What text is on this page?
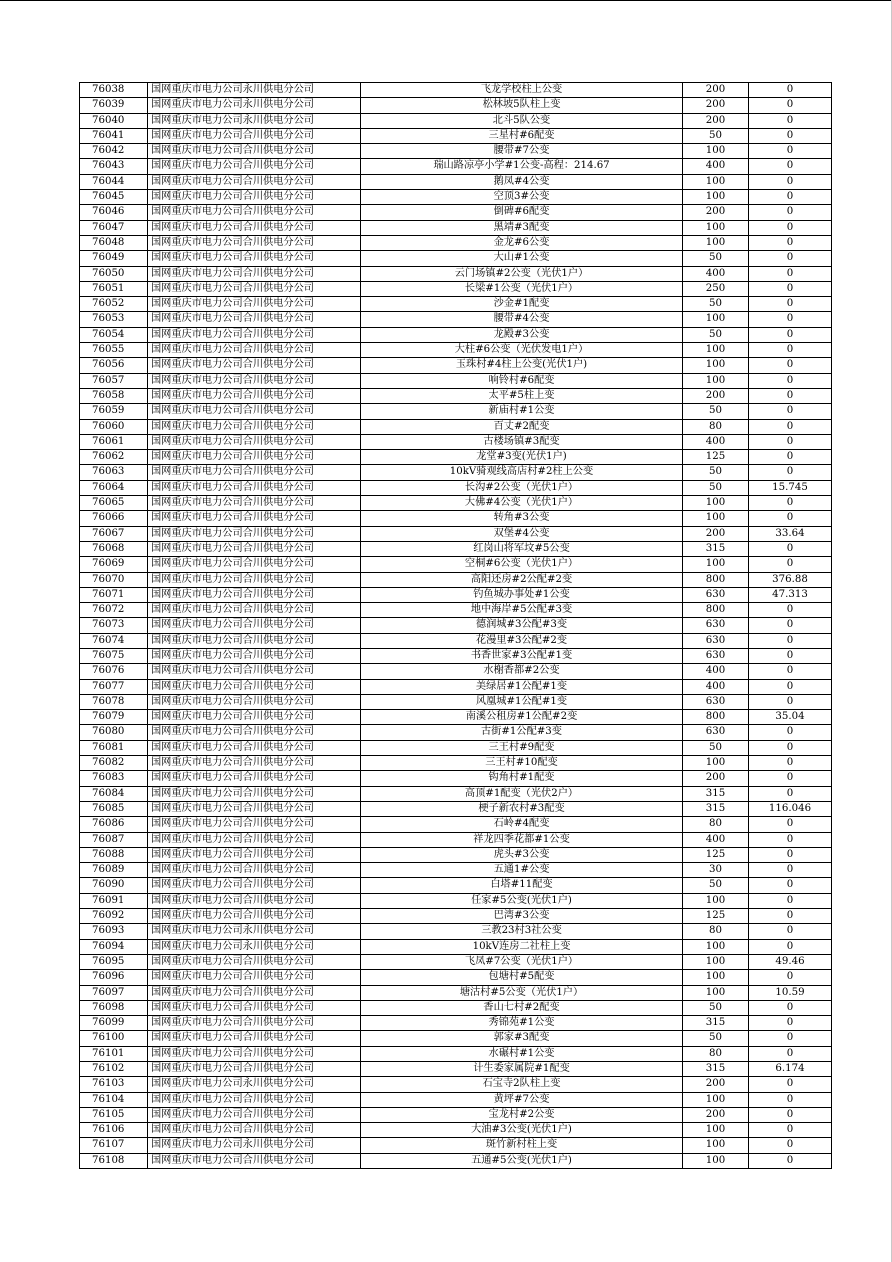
76038	国网重庆市电力公司永川供电分公司	飞龙学校柱上公变	200	0
76039	国网重庆市电力公司永川供电分公司	松林坡5队柱上变	200	0
76040	国网重庆市电力公司永川供电分公司	北斗5队公变	200	0
76041	国网重庆市电力公司合川供电分公司	三星村#6配变	50	0
76042	国网重庆市电力公司合川供电分公司	腰带#7公变	100	0
76043	国网重庆市电力公司合川供电分公司	瑞山路凉亭小学#1公变-高程：214.67	400	0
76044	国网重庆市电力公司合川供电分公司	鹅凤#4公变	100	0
76045	国网重庆市电力公司合川供电分公司	空顶3#公变	100	0
76046	国网重庆市电力公司合川供电分公司	倒碑#6配变	200	0
76047	国网重庆市电力公司合川供电分公司	黑靖#3配变	100	0
76048	国网重庆市电力公司合川供电分公司	金龙#6公变	100	0
76049	国网重庆市电力公司合川供电分公司	大山#1公变	50	0
76050	国网重庆市电力公司合川供电分公司	云门场镇#2公变（光伏1户）	400	0
76051	国网重庆市电力公司合川供电分公司	长梁#1公变（光伏1户）	250	0
76052	国网重庆市电力公司合川供电分公司	沙金#1配变	50	0
76053	国网重庆市电力公司合川供电分公司	腰带#4公变	100	0
76054	国网重庆市电力公司合川供电分公司	龙殿#3公变	50	0
76055	国网重庆市电力公司合川供电分公司	大柱#6公变（光伏发电1户）	100	0
76056	国网重庆市电力公司合川供电分公司	玉珠村#4柱上公变(光伏1户)	100	0
76057	国网重庆市电力公司合川供电分公司	响铃村#6配变	100	0
76058	国网重庆市电力公司合川供电分公司	太平#5柱上变	200	0
76059	国网重庆市电力公司合川供电分公司	新庙村#1公变	50	0
76060	国网重庆市电力公司合川供电分公司	百丈#2配变	80	0
76061	国网重庆市电力公司合川供电分公司	古楼场镇#3配变	400	0
76062	国网重庆市电力公司合川供电分公司	龙堂#3变(光伏1户)	125	0
76063	国网重庆市电力公司合川供电分公司	10kV骑观线高店村#2柱上公变	50	0
76064	国网重庆市电力公司合川供电分公司	长沟#2公变（光伏1户）	50	15.745
76065	国网重庆市电力公司合川供电分公司	大佛#4公变（光伏1户）	100	0
76066	国网重庆市电力公司合川供电分公司	转角#3公变	100	0
76067	国网重庆市电力公司合川供电分公司	双堡#4公变	200	33.64
76068	国网重庆市电力公司合川供电分公司	红岗山将军坟#5公变	315	0
76069	国网重庆市电力公司合川供电分公司	空桐#6公变（光伏1户）	100	0
76070	国网重庆市电力公司合川供电分公司	高阳还房#2公配#2变	800	376.88
76071	国网重庆市电力公司合川供电分公司	钓鱼城办事处#1公变	630	47.313
76072	国网重庆市电力公司合川供电分公司	地中海岸#5公配#3变	800	0
76073	国网重庆市电力公司合川供电分公司	德润城#3公配#3变	630	0
76074	国网重庆市电力公司合川供电分公司	花漫里#3公配#2变	630	0
76075	国网重庆市电力公司合川供电分公司	书香世家#3公配#1变	630	0
76076	国网重庆市电力公司合川供电分公司	水榭香都#2公变	400	0
76077	国网重庆市电力公司合川供电分公司	美绿居#1公配#1变	400	0
76078	国网重庆市电力公司合川供电分公司	风凰城#1公配#1变	630	0
76079	国网重庆市电力公司合川供电分公司	南溪公租房#1公配#2变	800	35.04
76080	国网重庆市电力公司合川供电分公司	古街#1公配#3变	630	0
76081	国网重庆市电力公司合川供电分公司	三王村#9配变	50	0
76082	国网重庆市电力公司合川供电分公司	三王村#10配变	100	0
76083	国网重庆市电力公司合川供电分公司	钩角村#1配变	200	0
76084	国网重庆市电力公司合川供电分公司	高顶#1配变（光伏2户）	315	0
76085	国网重庆市电力公司合川供电分公司	梗子新农村#3配变	315	116.046
76086	国网重庆市电力公司合川供电分公司	石岭#4配变	80	0
76087	国网重庆市电力公司合川供电分公司	祥龙四季花都#1公变	400	0
76088	国网重庆市电力公司合川供电分公司	虎头#3公变	125	0
76089	国网重庆市电力公司合川供电分公司	五通1#公变	30	0
76090	国网重庆市电力公司合川供电分公司	白塔#11配变	50	0
76091	国网重庆市电力公司合川供电分公司	任家#5公变(光伏1户)	100	0
76092	国网重庆市电力公司合川供电分公司	巴湾#3公变	125	0
76093	国网重庆市电力公司永川供电分公司	三教23村3社公变	80	0
76094	国网重庆市电力公司永川供电分公司	10kV连房二社柱上变	100	0
76095	国网重庆市电力公司合川供电分公司	飞凤#7公变（光伏1户）	100	49.46
76096	国网重庆市电力公司合川供电分公司	包塘村#5配变	100	0
76097	国网重庆市电力公司合川供电分公司	塘沽村#5公变（光伏1户）	100	10.59
76098	国网重庆市电力公司合川供电分公司	香山七村#2配变	50	0
76099	国网重庆市电力公司合川供电分公司	秀锦苑#1公变	315	0
76100	国网重庆市电力公司合川供电分公司	郭家#3配变	50	0
76101	国网重庆市电力公司合川供电分公司	水碾村#1公变	80	0
76102	国网重庆市电力公司合川供电分公司	计生委家属院#1配变	315	6.174
76103	国网重庆市电力公司永川供电分公司	石宝寺2队柱上变	200	0
76104	国网重庆市电力公司合川供电分公司	黄坪#7公变	100	0
76105	国网重庆市电力公司合川供电分公司	宝龙村#2公变	200	0
76106	国网重庆市电力公司合川供电分公司	大油#3公变(光伏1户)	100	0
76107	国网重庆市电力公司永川供电分公司	斑竹新村柱上变	100	0
76108	国网重庆市电力公司合川供电分公司	五通#5公变(光伏1户)	100	0
